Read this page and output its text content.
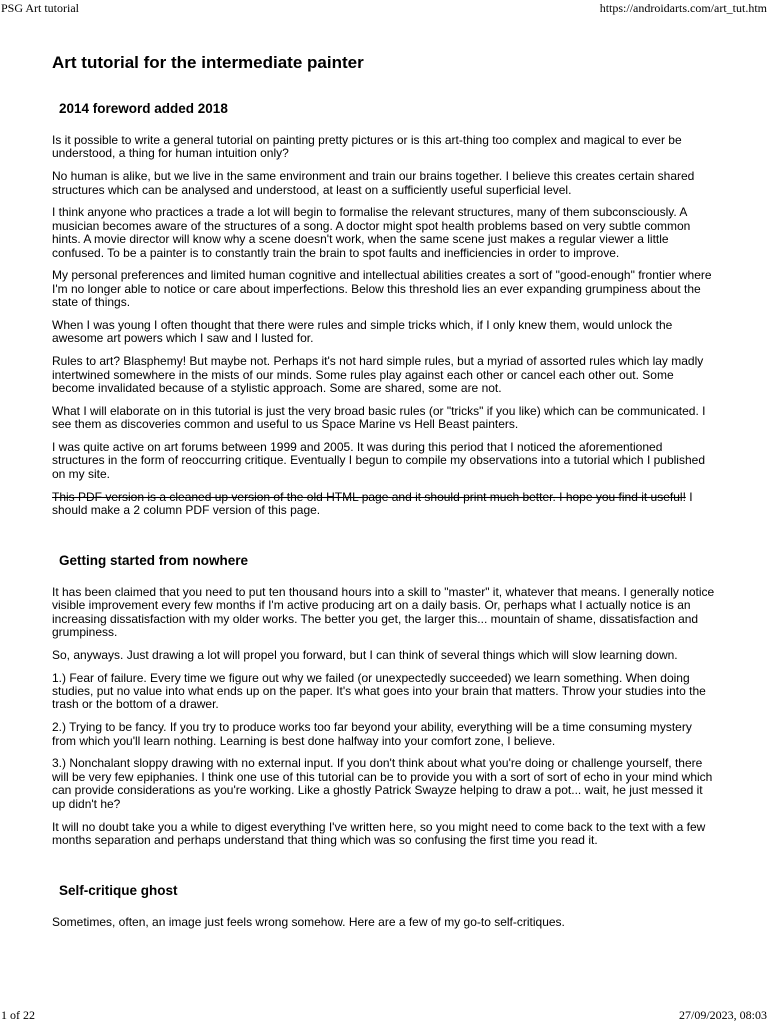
PSG Art tutorial	https://androidarts.com/art_tut.htm
Art tutorial for the intermediate painter
2014 foreword added 2018

Is it possible to write a general tutorial on painting pretty pictures or is this art-thing too complex and magical to ever be understood, a thing for human intuition only?

No human is alike, but we live in the same environment and train our brains together. I believe this creates certain shared structures which can be analysed and understood, at least on a sufficiently useful superficial level.

I think anyone who practices a trade a lot will begin to formalise the relevant structures, many of them subconsciously. A musician becomes aware of the structures of a song. A doctor might spot health problems based on very subtle common hints. A movie director will know why a scene doesn't work, when the same scene just makes a regular viewer a little confused. To be a painter is to constantly train the brain to spot faults and inefficiencies in order to improve.

My personal preferences and limited human cognitive and intellectual abilities creates a sort of "good-enough" frontier where I'm no longer able to notice or care about imperfections. Below this threshold lies an ever expanding grumpiness about the state of things.

When I was young I often thought that there were rules and simple tricks which, if I only knew them, would unlock the awesome art powers which I saw and I lusted for.

Rules to art? Blasphemy! But maybe not. Perhaps it's not hard simple rules, but a myriad of assorted rules which lay madly intertwined somewhere in the mists of our minds. Some rules play against each other or cancel each other out. Some become invalidated because of a stylistic approach. Some are shared, some are not.

What I will elaborate on in this tutorial is just the very broad basic rules (or "tricks" if you like) which can be communicated. I see them as discoveries common and useful to us Space Marine vs Hell Beast painters.

I was quite active on art forums between 1999 and 2005. It was during this period that I noticed the aforementioned structures in the form of reoccurring critique. Eventually I begun to compile my observations into a tutorial which I published on my site.

This PDF version is a cleaned up version of the old HTML page and it should print much better. I hope you find it useful! I should make a 2 column PDF version of this page.

Getting started from nowhere

It has been claimed that you need to put ten thousand hours into a skill to "master" it, whatever that means. I generally notice visible improvement every few months if I'm active producing art on a daily basis. Or, perhaps what I actually notice is an increasing dissatisfaction with my older works. The better you get, the larger this... mountain of shame, dissatisfaction and grumpiness.

So, anyways. Just drawing a lot will propel you forward, but I can think of several things which will slow learning down.

1.) Fear of failure. Every time we figure out why we failed (or unexpectedly succeeded) we learn something. When doing studies, put no value into what ends up on the paper. It's what goes into your brain that matters. Throw your studies into the trash or the bottom of a drawer.

2.) Trying to be fancy. If you try to produce works too far beyond your ability, everything will be a time consuming mystery from which you'll learn nothing. Learning is best done halfway into your comfort zone, I believe.

3.) Nonchalant sloppy drawing with no external input. If you don't think about what you're doing or challenge yourself, there will be very few epiphanies. I think one use of this tutorial can be to provide you with a sort of sort of echo in your mind which can provide considerations as you're working. Like a ghostly Patrick Swayze helping to draw a pot... wait, he just messed it up didn't he?

It will no doubt take you a while to digest everything I've written here, so you might need to come back to the text with a few months separation and perhaps understand that thing which was so confusing the first time you read it.

Self-critique ghost

Sometimes, often, an image just feels wrong somehow. Here are a few of my go-to self-critiques.

1 of 22	27/09/2023, 08:03
